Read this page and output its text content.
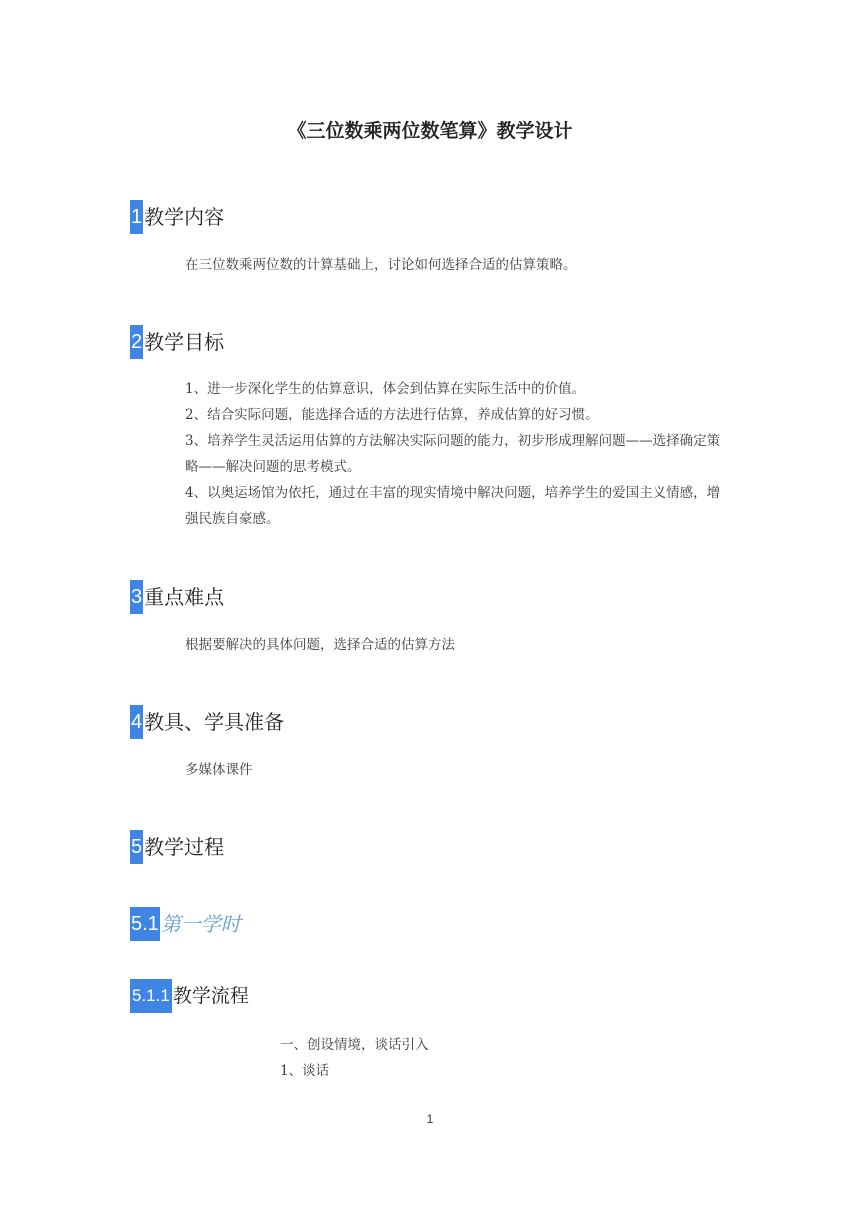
《三位数乘两位数笔算》教学设计
1 教学内容

在三位数乘两位数的计算基础上，讨论如何选择合适的估算策略。

2 教学目标

1、进一步深化学生的估算意识，体会到估算在实际生活中的价值。

2、结合实际问题，能选择合适的方法进行估算，养成估算的好习惯。

3、培养学生灵活运用估算的方法解决实际问题的能力，初步形成理解问题——选择确定策略——解决问题的思考模式。

4、以奥运场馆为依托，通过在丰富的现实情境中解决问题，培养学生的爱国主义情感，增强民族自豪感。

3 重点难点

根据要解决的具体问题，选择合适的估算方法

4 教具、学具准备

多媒体课件

5 教学过程
5.1 第一学时
5.1.1 教学流程

一、创设情境，谈话引入

1、谈话

1
